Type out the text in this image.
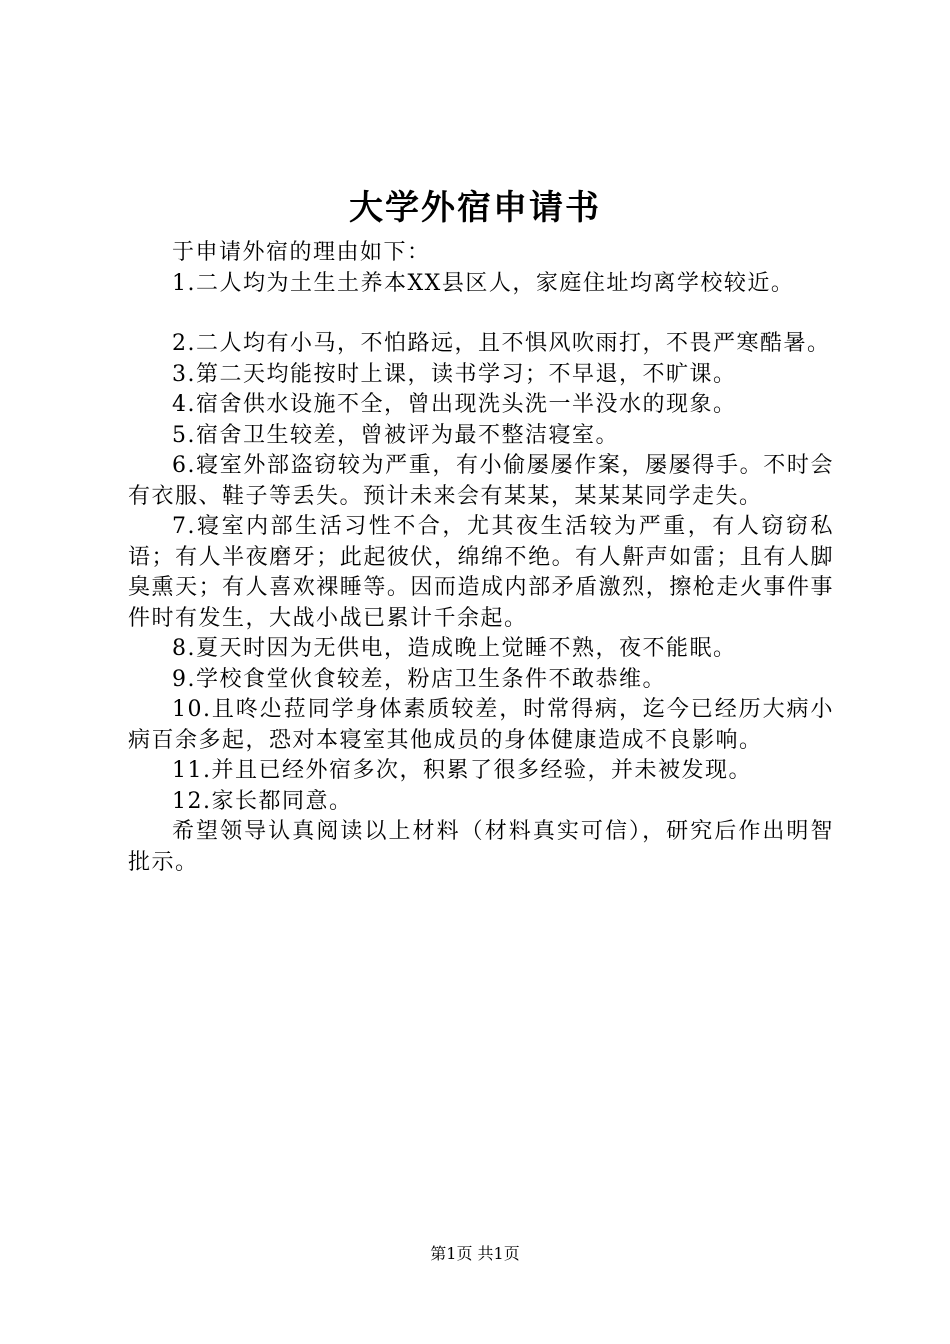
大学外宿申请书

于申请外宿的理由如下：

1.二人均为土生土养本XX县区人，家庭住址均离学校较近。

2.二人均有小马，不怕路远，且不惧风吹雨打，不畏严寒酷暑。

3.第二天均能按时上课，读书学习；不早退，不旷课。

4.宿舍供水设施不全，曾出现洗头洗一半没水的现象。

5.宿舍卫生较差，曾被评为最不整洁寝室。

6.寝室外部盗窃较为严重，有小偷屡屡作案，屡屡得手。不时会有衣服、鞋子等丢失。预计未来会有某某，某某某同学走失。

7.寝室内部生活习性不合，尤其夜生活较为严重，有人窃窃私语；有人半夜磨牙；此起彼伏，绵绵不绝。有人鼾声如雷；且有人脚臭熏天；有人喜欢裸睡等。因而造成内部矛盾激烈，擦枪走火事件事件时有发生，大战小战已累计千余起。

8.夏天时因为无供电，造成晚上觉睡不熟，夜不能眠。

9.学校食堂伙食较差，粉店卫生条件不敢恭维。

10.且咚尐菈同学身体素质较差，时常得病，迄今已经历大病小病百余多起，恐对本寝室其他成员的身体健康造成不良影响。

11.并且已经外宿多次，积累了很多经验，并未被发现。

12.家长都同意。

希望领导认真阅读以上材料（材料真实可信），研究后作出明智批示。

第1页 共1页
